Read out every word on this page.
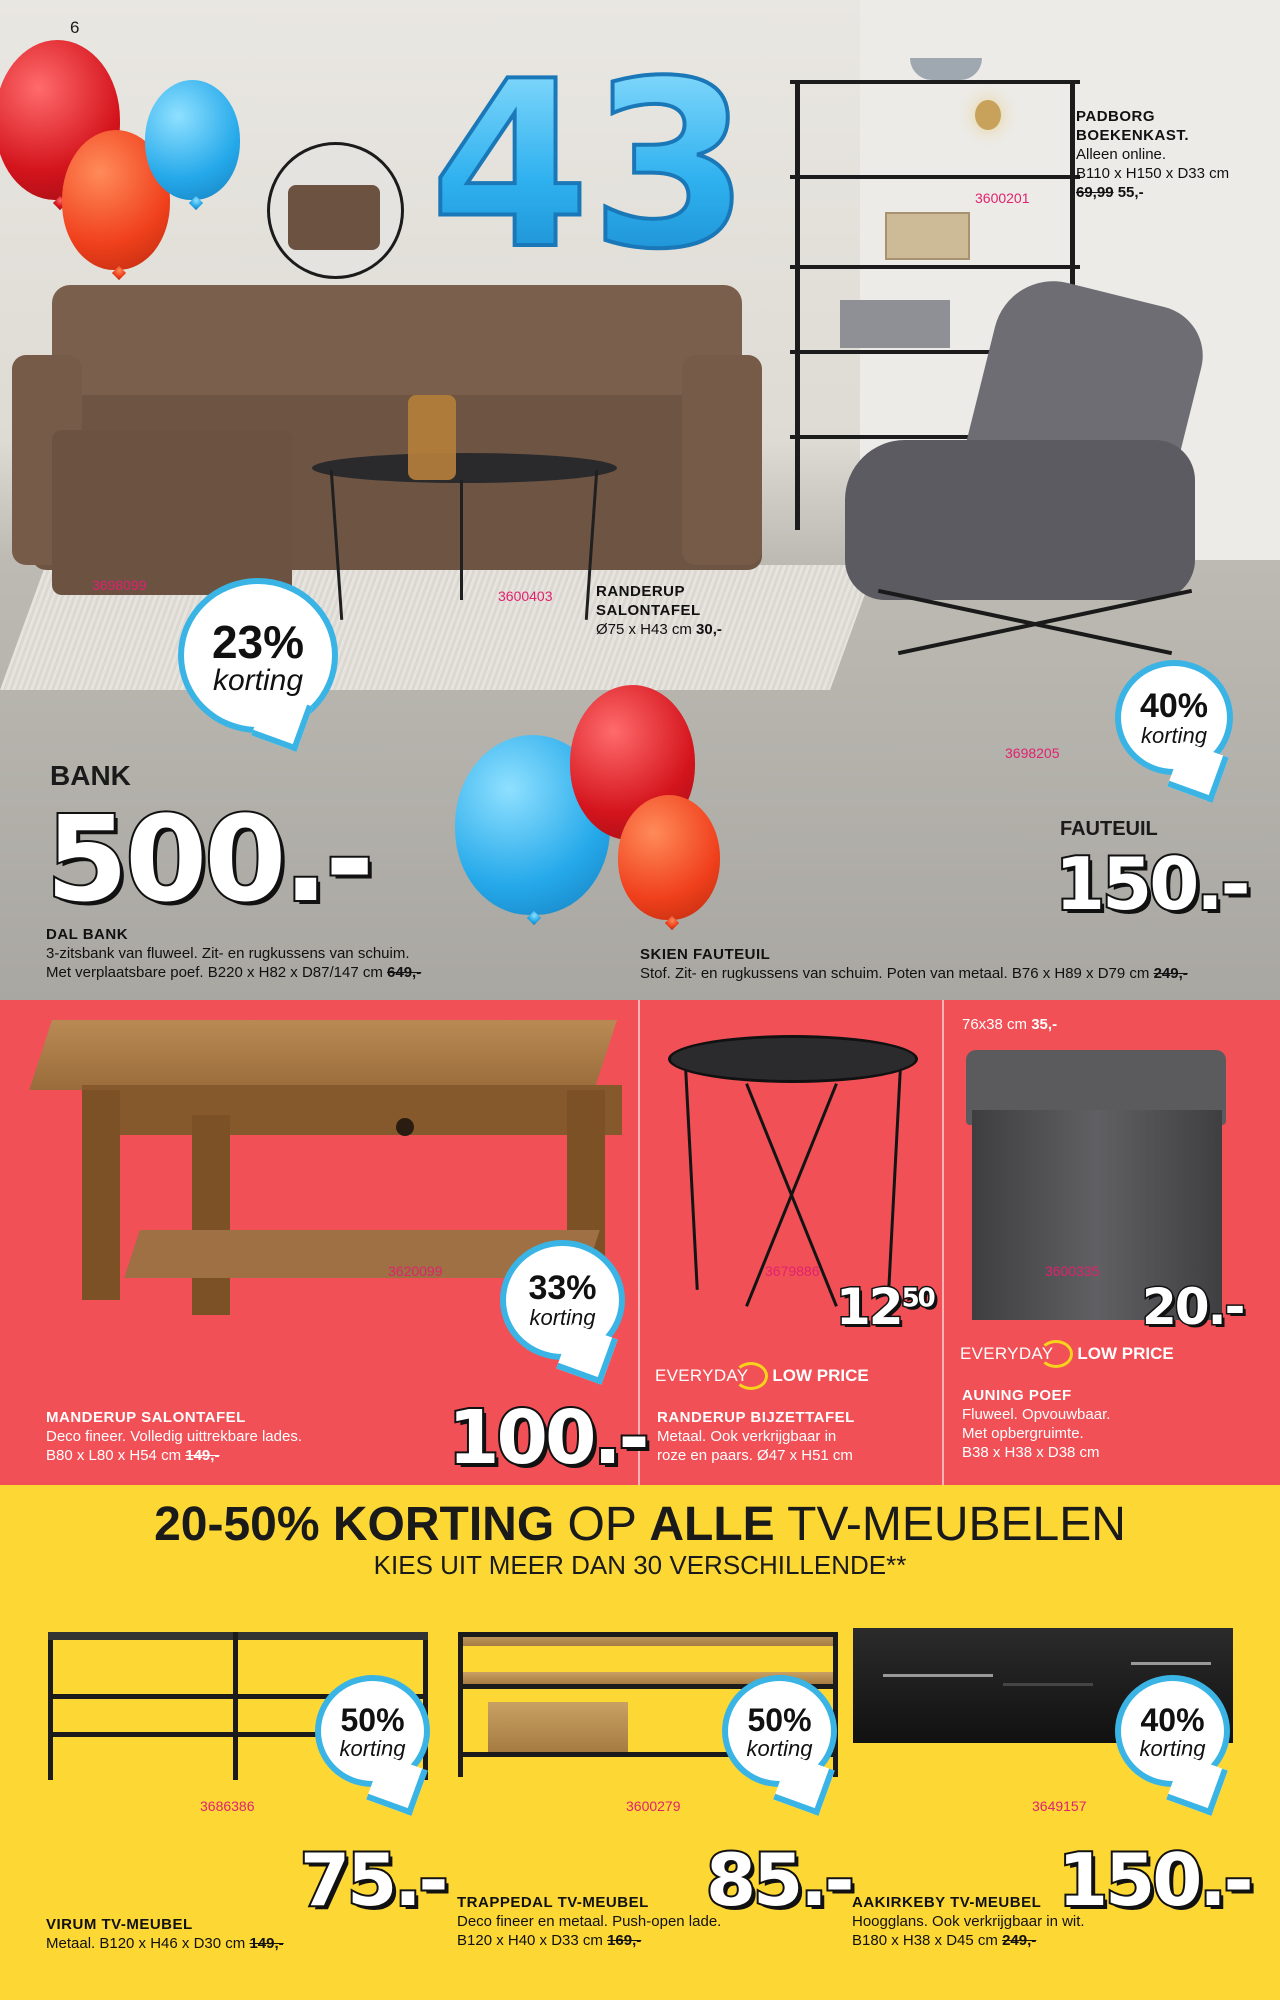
43
6
PADBORG
BOEKENKAST.
Alleen online.
B110 x H150 x D33 cm
69,99 55,-
3600201
RANDERUP
SALONTAFEL
Ø75 x H43 cm 30,-
3600403
3698099
23%
korting
BANK
500.-
DAL BANK
3-zitsbank van fluweel. Zit- en rugkussens van schuim.
Met verplaatsbare poef. B220 x H82 x D87/147 cm 649,-
3698205
40%
korting
FAUTEUIL
150.-
SKIEN FAUTEUIL
Stof. Zit- en rugkussens van schuim. Poten van metaal. B76 x H89 x D79 cm 249,-
3620099	33%
korting
100.-
MANDERUP SALONTAFEL
Deco fineer. Volledig uittrekbare lades.
B80 x L80 x H54 cm 149,-
3679886
$12^{50}$
EVERYDAY LOW PRICE
RANDERUP BIJZETTAFEL
Metaal. Ook verkrijgbaar in
roze en paars. Ø47 x H51 cm
76x38 cm 35,-
3600335
20.-
EVERYDAY LOW PRICE
AUNING POEF
Fluweel. Opvouwbaar.
Met opbergruimte.
B38 x H38 x D38 cm
20-50% KORTING OP ALLE TV-MEUBELEN
KIES UIT MEER DAN 30 VERSCHILLENDE**
3686386
50%
korting
75.-
VIRUM TV-MEUBEL
Metaal. B120 x H46 x D30 cm 149,-
3600279
50%
korting
85.-
TRAPPEDAL TV-MEUBEL
Deco fineer en metaal. Push-open lade.
B120 x H40 x D33 cm 169,-
3649157
40%
korting
150.-
AAKIRKEBY TV-MEUBEL
Hoogglans. Ook verkrijgbaar in wit.
B180 x H38 x D45 cm 249,-
